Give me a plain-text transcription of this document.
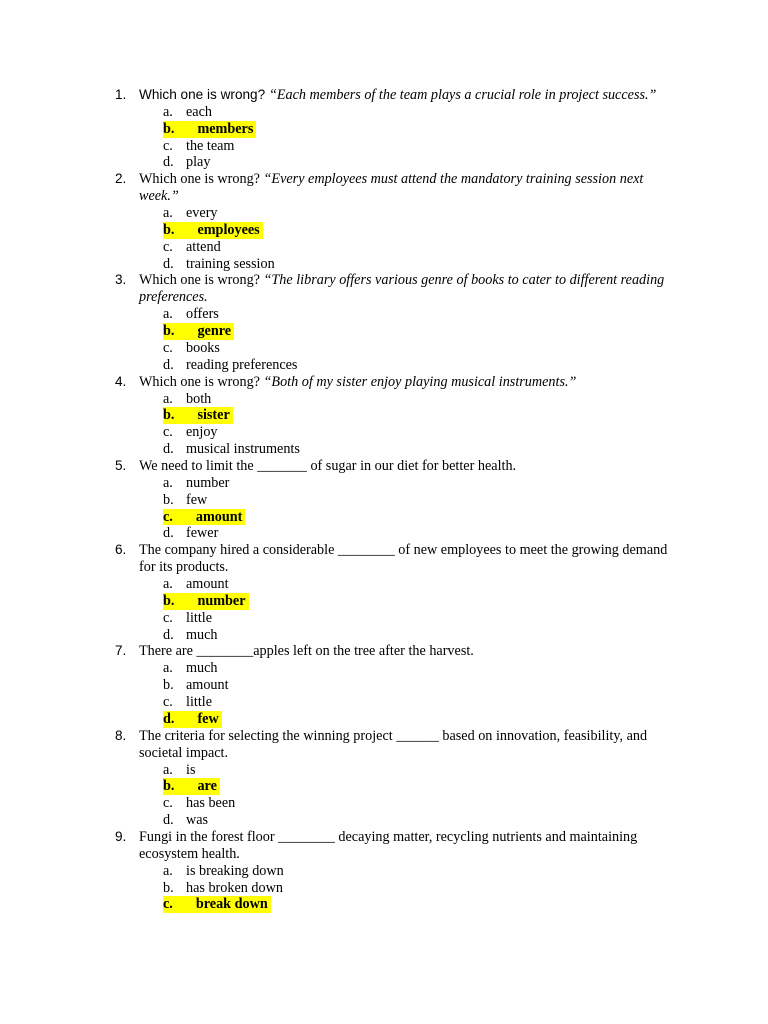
1. Which one is wrong? “Each members of the team plays a crucial role in project success.”
a. each
b. members
c. the team
d. play
2. Which one is wrong? “Every employees must attend the mandatory training session next week.”
a. every
b. employees
c. attend
d. training session
3. Which one is wrong? “The library offers various genre of books to cater to different reading preferences.
a. offers
b. genre
c. books
d. reading preferences
4. Which one is wrong? “Both of my sister enjoy playing musical instruments.”
a. both
b. sister
c. enjoy
d. musical instruments
5. We need to limit the _______ of sugar in our diet for better health.
a. number
b. few
c. amount
d. fewer
6. The company hired a considerable ________ of new employees to meet the growing demand for its products.
a. amount
b. number
c. little
d. much
7. There are ________apples left on the tree after the harvest.
a. much
b. amount
c. little
d. few
8. The criteria for selecting the winning project ______ based on innovation, feasibility, and societal impact.
a. is
b. are
c. has been
d. was
9. Fungi in the forest floor ________ decaying matter, recycling nutrients and maintaining ecosystem health.
a. is breaking down
b. has broken down
c. break down
